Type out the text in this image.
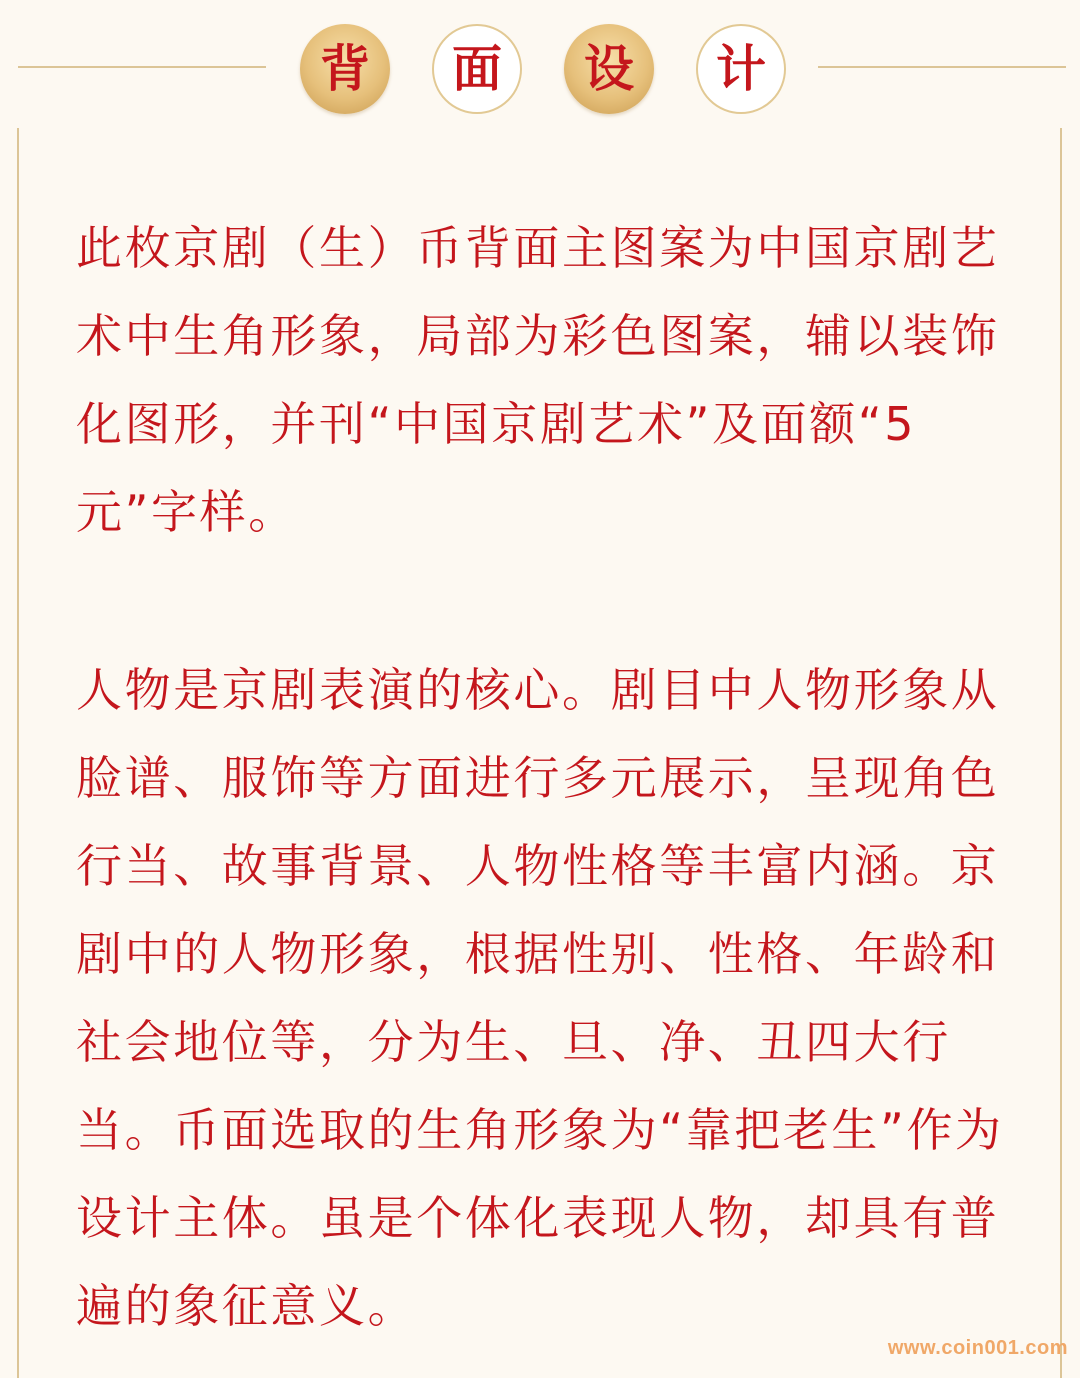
背 面 设 计

此枚京剧（生）币背面主图案为中国京剧艺术中生角形象，局部为彩色图案，辅以装饰化图形，并刊“中国京剧艺术”及面额“5元”字样。

人物是京剧表演的核心。剧目中人物形象从脸谱、服饰等方面进行多元展示，呈现角色行当、故事背景、人物性格等丰富内涵。京剧中的人物形象，根据性别、性格、年龄和社会地位等，分为生、旦、净、丑四大行当。币面选取的生角形象为“靠把老生”作为设计主体。虽是个体化表现人物，却具有普遍的象征意义。

www.coin001.com
